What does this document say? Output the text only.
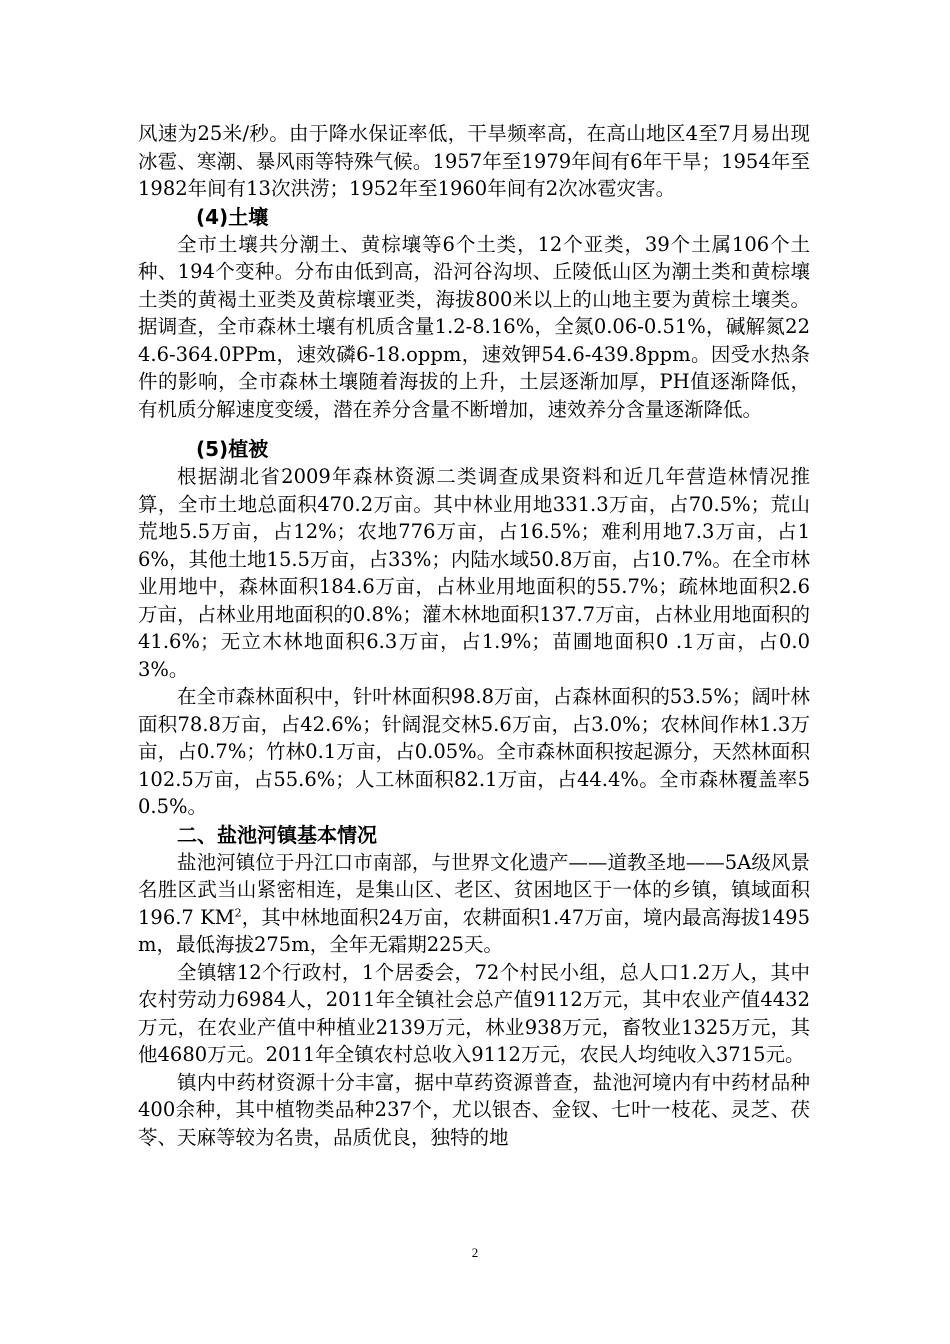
风速为25米/秒。由于降水保证率低，干旱频率高，在高山地区4至7月易出现冰雹、寒潮、暴风雨等特殊气候。1957年至1979年间有6年干旱；1954年至1982年间有13次洪涝；1952年至1960年间有2次冰雹灾害。

(4)土壤

全市土壤共分潮土、黄棕壤等6个土类，12个亚类，39个土属106个土种、194个变种。分布由低到高，沿河谷沟坝、丘陵低山区为潮土类和黄棕壤土类的黄褐土亚类及黄棕壤亚类，海拔800米以上的山地主要为黄棕土壤类。据调查，全市森林土壤有机质含量1.2-8.16%，全氮0.06-0.51%，碱解氮224.6-364.0PPm，速效磷6-18.oppm，速效钾54.6-439.8ppm。因受水热条件的影响，全市森林土壤随着海拔的上升，土层逐渐加厚，PH值逐渐降低，有机质分解速度变缓，潜在养分含量不断增加，速效养分含量逐渐降低。

(5)植被

根据湖北省2009年森林资源二类调查成果资料和近几年营造林情况推算，全市土地总面积470.2万亩。其中林业用地331.3万亩，占70.5%；荒山荒地5.5万亩，占12%；农地776万亩，占16.5%；难利用地7.3万亩，占16%，其他土地15.5万亩，占33%；内陆水域50.8万亩，占10.7%。在全市林业用地中，森林面积184.6万亩，占林业用地面积的55.7%；疏林地面积2.6万亩，占林业用地面积的0.8%；灌木林地面积137.7万亩，占林业用地面积的41.6%；无立木林地面积6.3万亩，占1.9%；苗圃地面积0 .1万亩，占0.03%。

在全市森林面积中，针叶林面积98.8万亩，占森林面积的53.5%；阔叶林面积78.8万亩，占42.6%；针阔混交林5.6万亩，占3.0%；农林间作林1.3万亩，占0.7%；竹林0.1万亩，占0.05%。全市森林面积按起源分，天然林面积102.5万亩，占55.6%；人工林面积82.1万亩，占44.4%。全市森林覆盖率50.5%。

二、盐池河镇基本情况

盐池河镇位于丹江口市南部，与世界文化遗产——道教圣地——5A级风景名胜区武当山紧密相连，是集山区、老区、贫困地区于一体的乡镇，镇域面积196.7 $KM^2$，其中林地面积24万亩，农耕面积1.47万亩，境内最高海拔1495m，最低海拔275m，全年无霜期225天。

全镇辖12个行政村，1个居委会，72个村民小组，总人口1.2万人，其中农村劳动力6984人，2011年全镇社会总产值9112万元，其中农业产值4432万元，在农业产值中种植业2139万元，林业938万元，畜牧业1325万元，其他4680万元。2011年全镇农村总收入9112万元，农民人均纯收入3715元。

镇内中药材资源十分丰富，据中草药资源普查，盐池河境内有中药材品种400余种，其中植物类品种237个，尤以银杏、金钗、七叶一枝花、灵芝、茯苓、天麻等较为名贵，品质优良，独特的地

2
